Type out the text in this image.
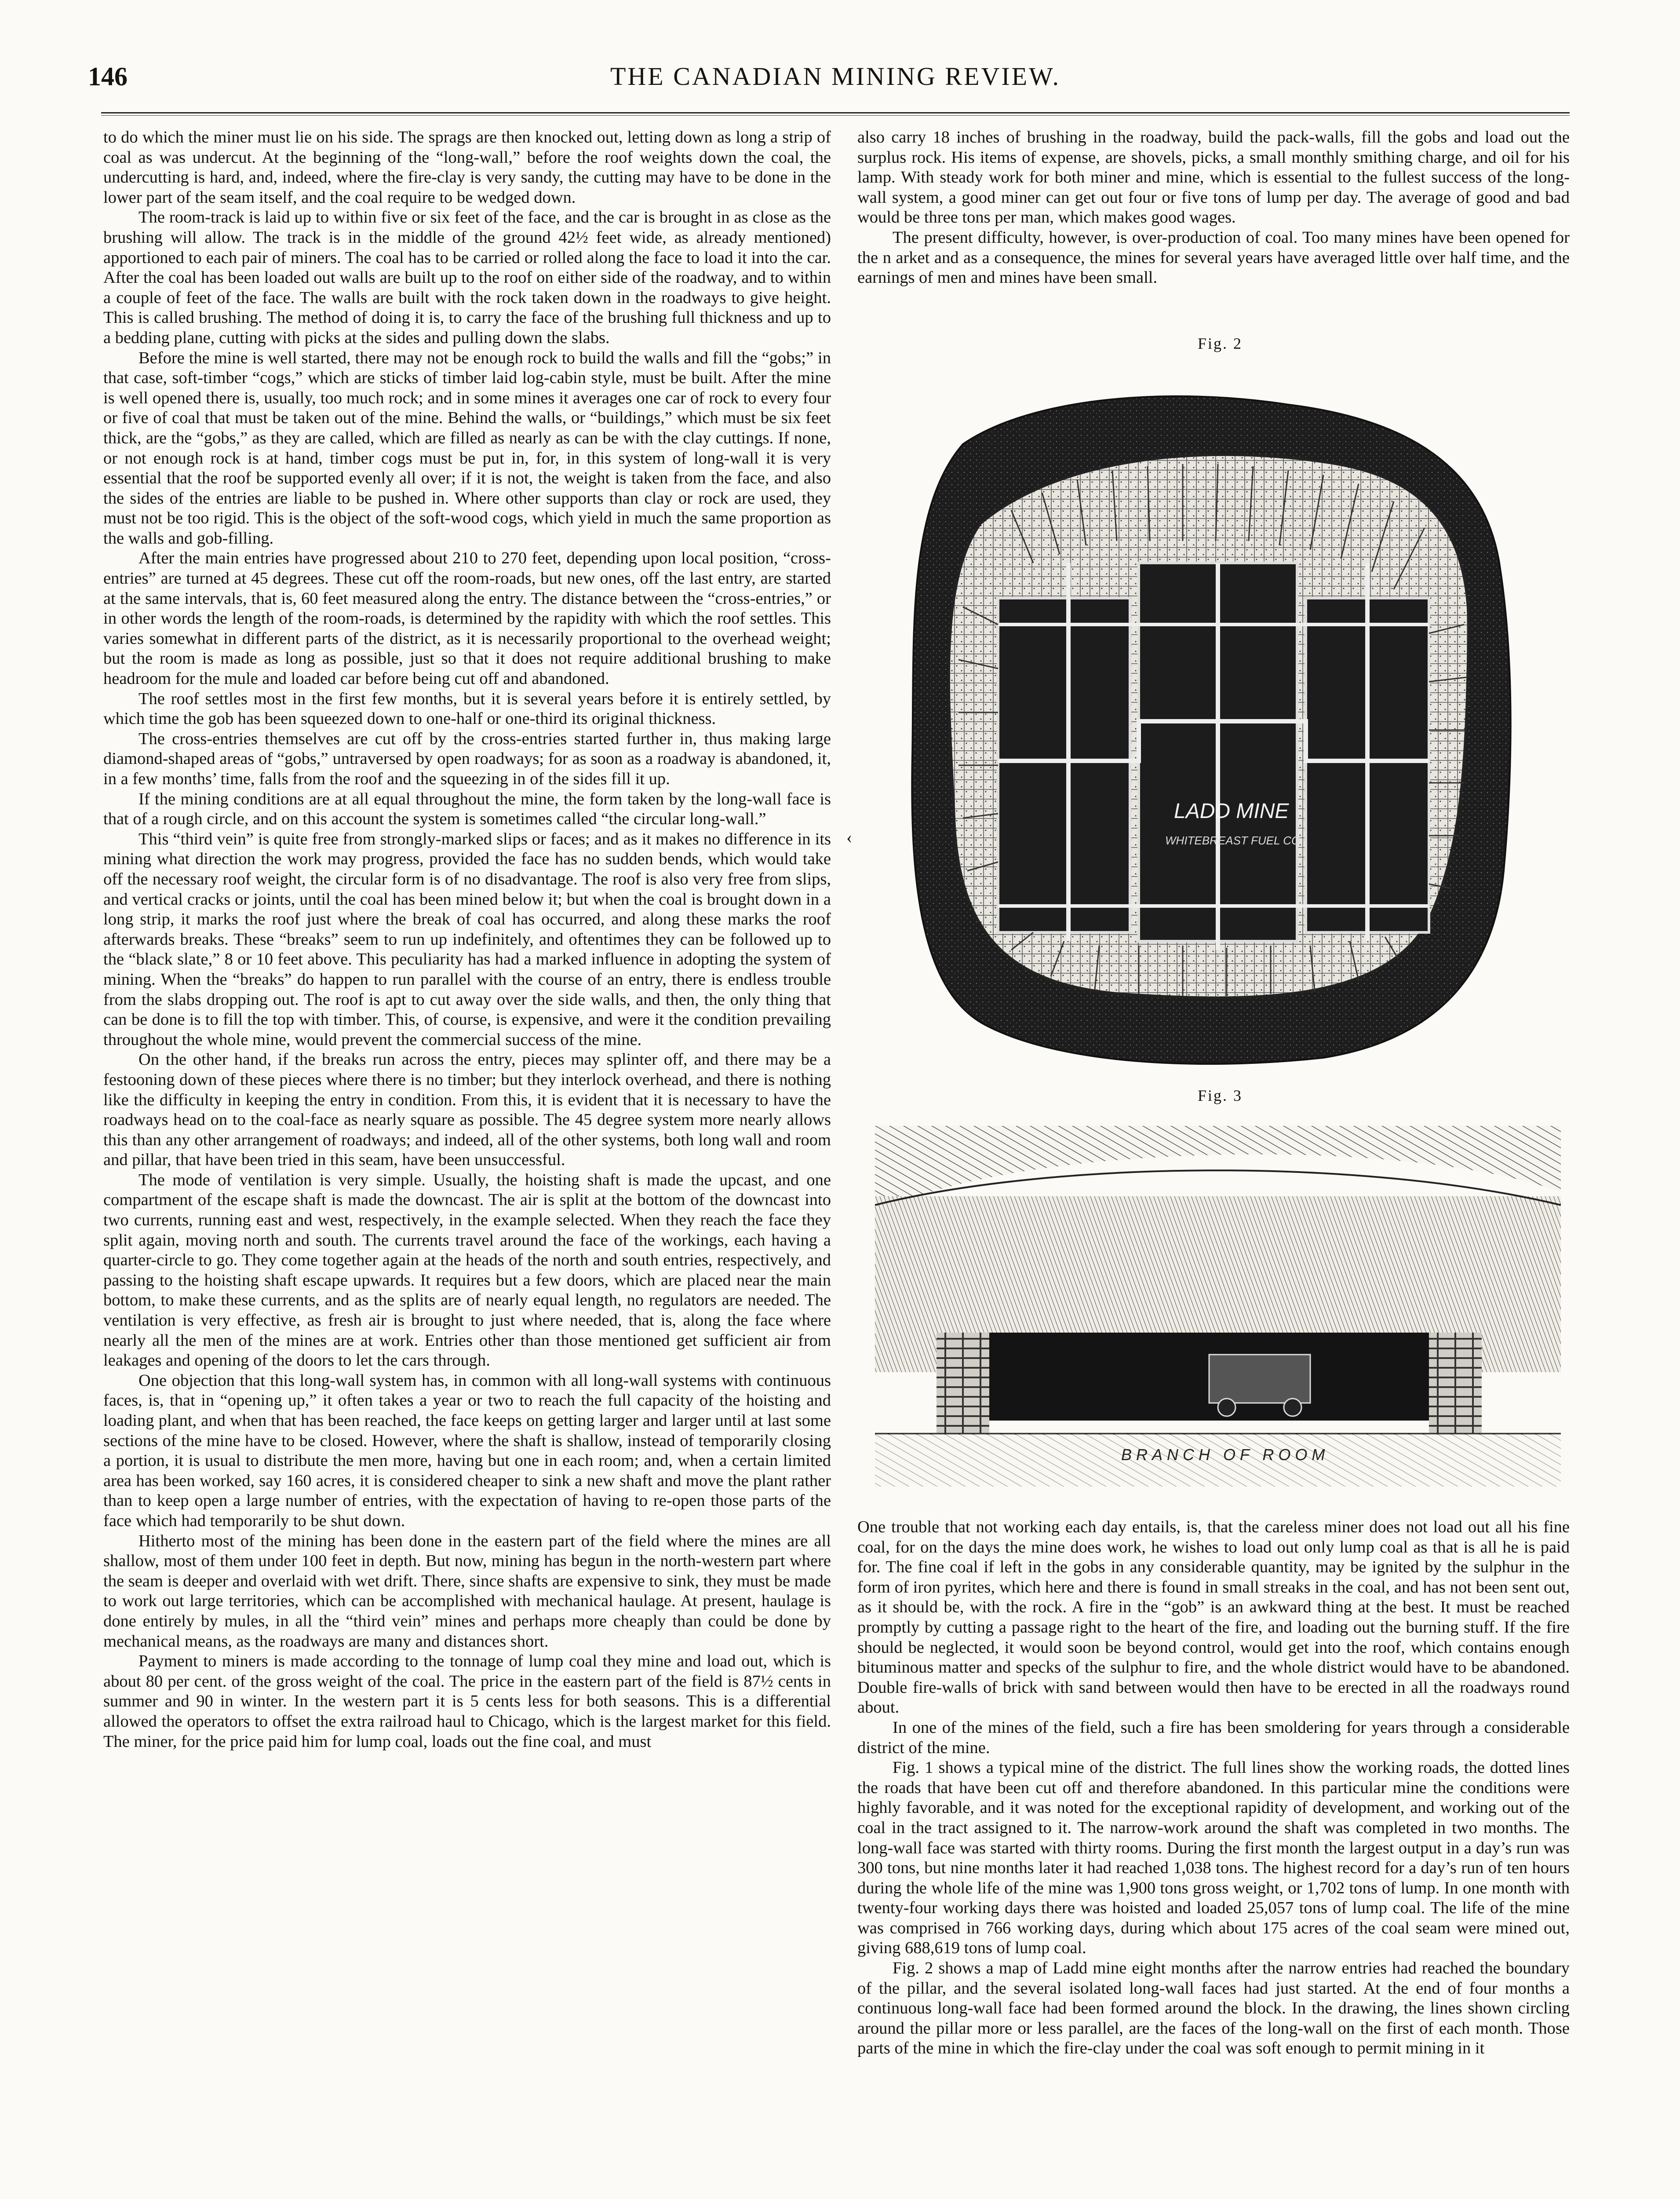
146	THE CANADIAN MINING REVIEW.

to do which the miner must lie on his side. The sprags are then knocked out, letting down as long a strip of coal as was undercut. At the beginning of the “long-wall,” before the roof weights down the coal, the undercutting is hard, and, indeed, where the fire-clay is very sandy, the cutting may have to be done in the lower part of the seam itself, and the coal require to be wedged down.

The room-track is laid up to within five or six feet of the face, and the car is brought in as close as the brushing will allow. The track is in the middle of the ground 42½ feet wide, as already mentioned) apportioned to each pair of miners. The coal has to be carried or rolled along the face to load it into the car. After the coal has been loaded out walls are built up to the roof on either side of the roadway, and to within a couple of feet of the face. The walls are built with the rock taken down in the roadways to give height. This is called brushing. The method of doing it is, to carry the face of the brushing full thickness and up to a bedding plane, cutting with picks at the sides and pulling down the slabs.

Before the mine is well started, there may not be enough rock to build the walls and fill the “gobs;” in that case, soft-timber “cogs,” which are sticks of timber laid log-cabin style, must be built. After the mine is well opened there is, usually, too much rock; and in some mines it averages one car of rock to every four or five of coal that must be taken out of the mine. Behind the walls, or “buildings,” which must be six feet thick, are the “gobs,” as they are called, which are filled as nearly as can be with the clay cuttings. If none, or not enough rock is at hand, timber cogs must be put in, for, in this system of long-wall it is very essential that the roof be supported evenly all over; if it is not, the weight is taken from the face, and also the sides of the entries are liable to be pushed in. Where other supports than clay or rock are used, they must not be too rigid. This is the object of the soft-wood cogs, which yield in much the same proportion as the walls and gob-filling.

After the main entries have progressed about 210 to 270 feet, depending upon local position, “cross-entries” are turned at 45 degrees. These cut off the room-roads, but new ones, off the last entry, are started at the same intervals, that is, 60 feet measured along the entry. The distance between the “cross-entries,” or in other words the length of the room-roads, is determined by the rapidity with which the roof settles. This varies somewhat in different parts of the district, as it is necessarily proportional to the overhead weight; but the room is made as long as possible, just so that it does not require additional brushing to make headroom for the mule and loaded car before being cut off and abandoned.

The roof settles most in the first few months, but it is several years before it is entirely settled, by which time the gob has been squeezed down to one-half or one-third its original thickness.

The cross-entries themselves are cut off by the cross-entries started further in, thus making large diamond-shaped areas of “gobs,” untraversed by open roadways; for as soon as a roadway is abandoned, it, in a few months’ time, falls from the roof and the squeezing in of the sides fill it up.

If the mining conditions are at all equal throughout the mine, the form taken by the long-wall face is that of a rough circle, and on this account the system is sometimes called “the circular long-wall.”

This “third vein” is quite free from strongly-marked slips or faces; and as it makes no difference in its mining what direction the work may progress, provided the face has no sudden bends, which would take off the necessary roof weight, the circular form is of no disadvantage. The roof is also very free from slips, and vertical cracks or joints, until the coal has been mined below it; but when the coal is brought down in a long strip, it marks the roof just where the break of coal has occurred, and along these marks the roof afterwards breaks. These “breaks” seem to run up indefinitely, and oftentimes they can be followed up to the “black slate,” 8 or 10 feet above. This peculiarity has had a marked influence in adopting the system of mining. When the “breaks” do happen to run parallel with the course of an entry, there is endless trouble from the slabs dropping out. The roof is apt to cut away over the side walls, and then, the only thing that can be done is to fill the top with timber. This, of course, is expensive, and were it the condition prevailing throughout the whole mine, would prevent the commercial success of the mine.

On the other hand, if the breaks run across the entry, pieces may splinter off, and there may be a festooning down of these pieces where there is no timber; but they interlock overhead, and there is nothing like the difficulty in keeping the entry in condition. From this, it is evident that it is necessary to have the roadways head on to the coal-face as nearly square as possible. The 45 degree system more nearly allows this than any other arrangement of roadways; and indeed, all of the other systems, both long wall and room and pillar, that have been tried in this seam, have been unsuccessful.

The mode of ventilation is very simple. Usually, the hoisting shaft is made the upcast, and one compartment of the escape shaft is made the downcast. The air is split at the bottom of the downcast into two currents, running east and west, respectively, in the example selected. When they reach the face they split again, moving north and south. The currents travel around the face of the workings, each having a quarter-circle to go. They come together again at the heads of the north and south entries, respectively, and passing to the hoisting shaft escape upwards. It requires but a few doors, which are placed near the main bottom, to make these currents, and as the splits are of nearly equal length, no regulators are needed. The ventilation is very effective, as fresh air is brought to just where needed, that is, along the face where nearly all the men of the mines are at work. Entries other than those mentioned get sufficient air from leakages and opening of the doors to let the cars through.

One objection that this long-wall system has, in common with all long-wall systems with continuous faces, is, that in “opening up,” it often takes a year or two to reach the full capacity of the hoisting and loading plant, and when that has been reached, the face keeps on getting larger and larger until at last some sections of the mine have to be closed. However, where the shaft is shallow, instead of temporarily closing a portion, it is usual to distribute the men more, having but one in each room; and, when a certain limited area has been worked, say 160 acres, it is considered cheaper to sink a new shaft and move the plant rather than to keep open a large number of entries, with the expectation of having to re-open those parts of the face which had temporarily to be shut down.

Hitherto most of the mining has been done in the eastern part of the field where the mines are all shallow, most of them under 100 feet in depth. But now, mining has begun in the north-western part where the seam is deeper and overlaid with wet drift. There, since shafts are expensive to sink, they must be made to work out large territories, which can be accomplished with mechanical haulage. At present, haulage is done entirely by mules, in all the “third vein” mines and perhaps more cheaply than could be done by mechanical means, as the roadways are many and distances short.

Payment to miners is made according to the tonnage of lump coal they mine and load out, which is about 80 per cent. of the gross weight of the coal. The price in the eastern part of the field is 87½ cents in summer and 90 in winter. In the western part it is 5 cents less for both seasons. This is a differential allowed the operators to offset the extra railroad haul to Chicago, which is the largest market for this field. The miner, for the price paid him for lump coal, loads out the fine coal, and must

‹

also carry 18 inches of brushing in the roadway, build the pack-walls, fill the gobs and load out the surplus rock. His items of expense, are shovels, picks, a small monthly smithing charge, and oil for his lamp. With steady work for both miner and mine, which is essential to the fullest success of the long-wall system, a good miner can get out four or five tons of lump per day. The average of good and bad would be three tons per man, which makes good wages.

The present difficulty, however, is over-production of coal. Too many mines have been opened for the n arket and as a consequence, the mines for several years have averaged little over half time, and the earnings of men and mines have been small.

Fig. 2
LADD MINE
WHITEBREAST FUEL CO.
Fig. 3
BRANCH OF ROOM

One trouble that not working each day entails, is, that the careless miner does not load out all his fine coal, for on the days the mine does work, he wishes to load out only lump coal as that is all he is paid for. The fine coal if left in the gobs in any considerable quantity, may be ignited by the sulphur in the form of iron pyrites, which here and there is found in small streaks in the coal, and has not been sent out, as it should be, with the rock. A fire in the “gob” is an awkward thing at the best. It must be reached promptly by cutting a passage right to the heart of the fire, and loading out the burning stuff. If the fire should be neglected, it would soon be beyond control, would get into the roof, which contains enough bituminous matter and specks of the sulphur to fire, and the whole district would have to be abandoned. Double fire-walls of brick with sand between would then have to be erected in all the roadways round about.

In one of the mines of the field, such a fire has been smoldering for years through a considerable district of the mine.

Fig. 1 shows a typical mine of the district. The full lines show the working roads, the dotted lines the roads that have been cut off and therefore abandoned. In this particular mine the conditions were highly favorable, and it was noted for the exceptional rapidity of development, and working out of the coal in the tract assigned to it. The narrow-work around the shaft was completed in two months. The long-wall face was started with thirty rooms. During the first month the largest output in a day’s run was 300 tons, but nine months later it had reached 1,038 tons. The highest record for a day’s run of ten hours during the whole life of the mine was 1,900 tons gross weight, or 1,702 tons of lump. In one month with twenty-four working days there was hoisted and loaded 25,057 tons of lump coal. The life of the mine was comprised in 766 working days, during which about 175 acres of the coal seam were mined out, giving 688,619 tons of lump coal.

Fig. 2 shows a map of Ladd mine eight months after the narrow entries had reached the boundary of the pillar, and the several isolated long-wall faces had just started. At the end of four months a continuous long-wall face had been formed around the block. In the drawing, the lines shown circling around the pillar more or less parallel, are the faces of the long-wall on the first of each month. Those parts of the mine in which the fire-clay under the coal was soft enough to permit mining in it
